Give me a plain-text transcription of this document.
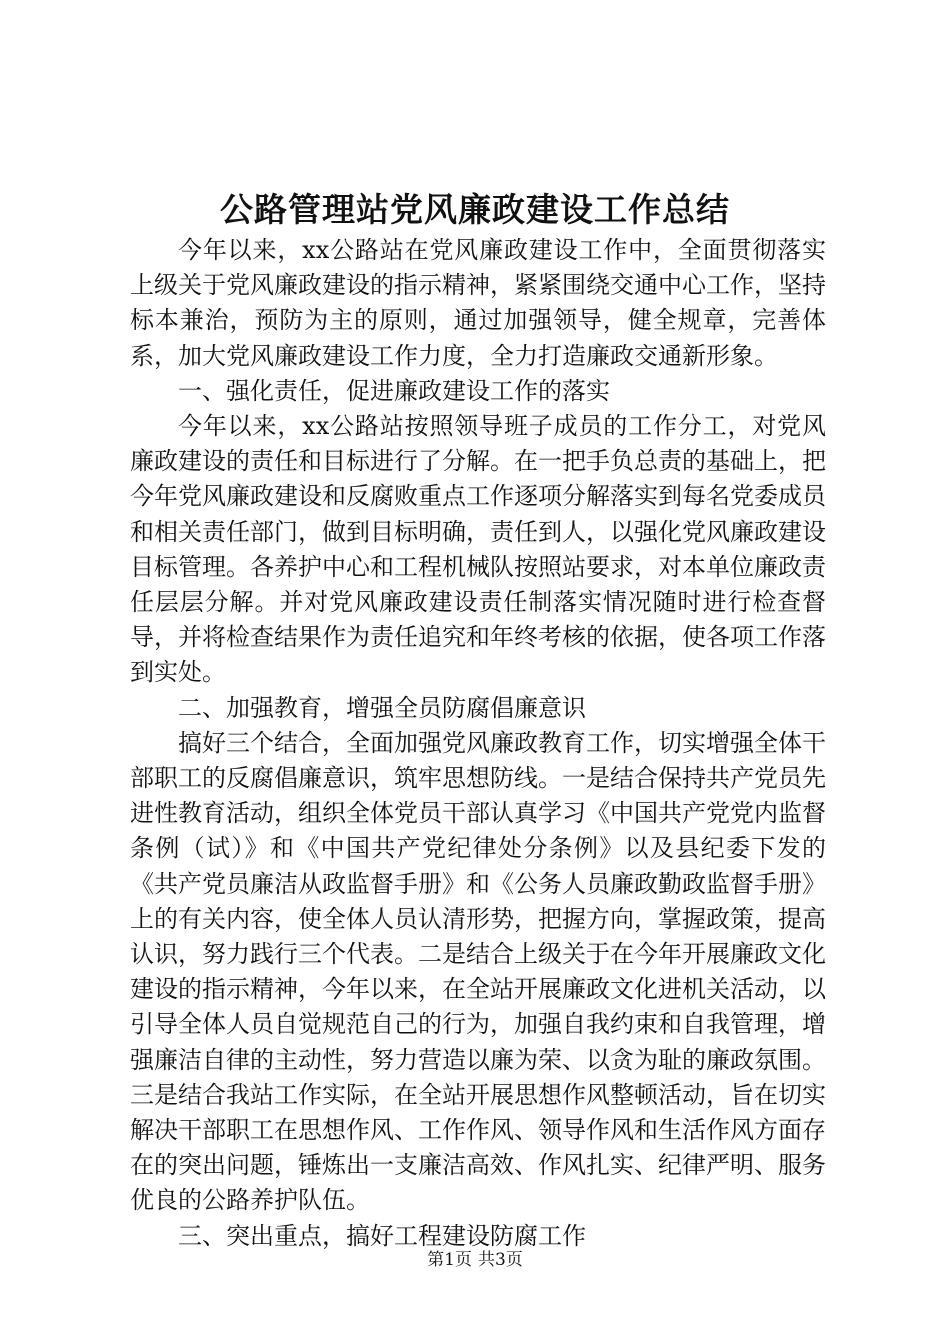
公路管理站党风廉政建设工作总结

今年以来，xx公路站在党风廉政建设工作中，全面贯彻落实上级关于党风廉政建设的指示精神，紧紧围绕交通中心工作，坚持标本兼治，预防为主的原则，通过加强领导，健全规章，完善体系，加大党风廉政建设工作力度，全力打造廉政交通新形象。

一、强化责任，促进廉政建设工作的落实

今年以来，xx公路站按照领导班子成员的工作分工，对党风廉政建设的责任和目标进行了分解。在一把手负总责的基础上，把今年党风廉政建设和反腐败重点工作逐项分解落实到每名党委成员和相关责任部门，做到目标明确，责任到人，以强化党风廉政建设目标管理。各养护中心和工程机械队按照站要求，对本单位廉政责任层层分解。并对党风廉政建设责任制落实情况随时进行检查督导，并将检查结果作为责任追究和年终考核的依据，使各项工作落到实处。

二、加强教育，增强全员防腐倡廉意识

搞好三个结合，全面加强党风廉政教育工作，切实增强全体干部职工的反腐倡廉意识，筑牢思想防线。一是结合保持共产党员先进性教育活动，组织全体党员干部认真学习《中国共产党党内监督条例（试）》和《中国共产党纪律处分条例》以及县纪委下发的《共产党员廉洁从政监督手册》和《公务人员廉政勤政监督手册》上的有关内容，使全体人员认清形势，把握方向，掌握政策，提高认识，努力践行三个代表。二是结合上级关于在今年开展廉政文化建设的指示精神，今年以来，在全站开展廉政文化进机关活动，以引导全体人员自觉规范自己的行为，加强自我约束和自我管理，增强廉洁自律的主动性，努力营造以廉为荣、以贪为耻的廉政氛围。三是结合我站工作实际，在全站开展思想作风整顿活动，旨在切实解决干部职工在思想作风、工作作风、领导作风和生活作风方面存在的突出问题，锤炼出一支廉洁高效、作风扎实、纪律严明、服务优良的公路养护队伍。

三、突出重点，搞好工程建设防腐工作

第1页 共3页
